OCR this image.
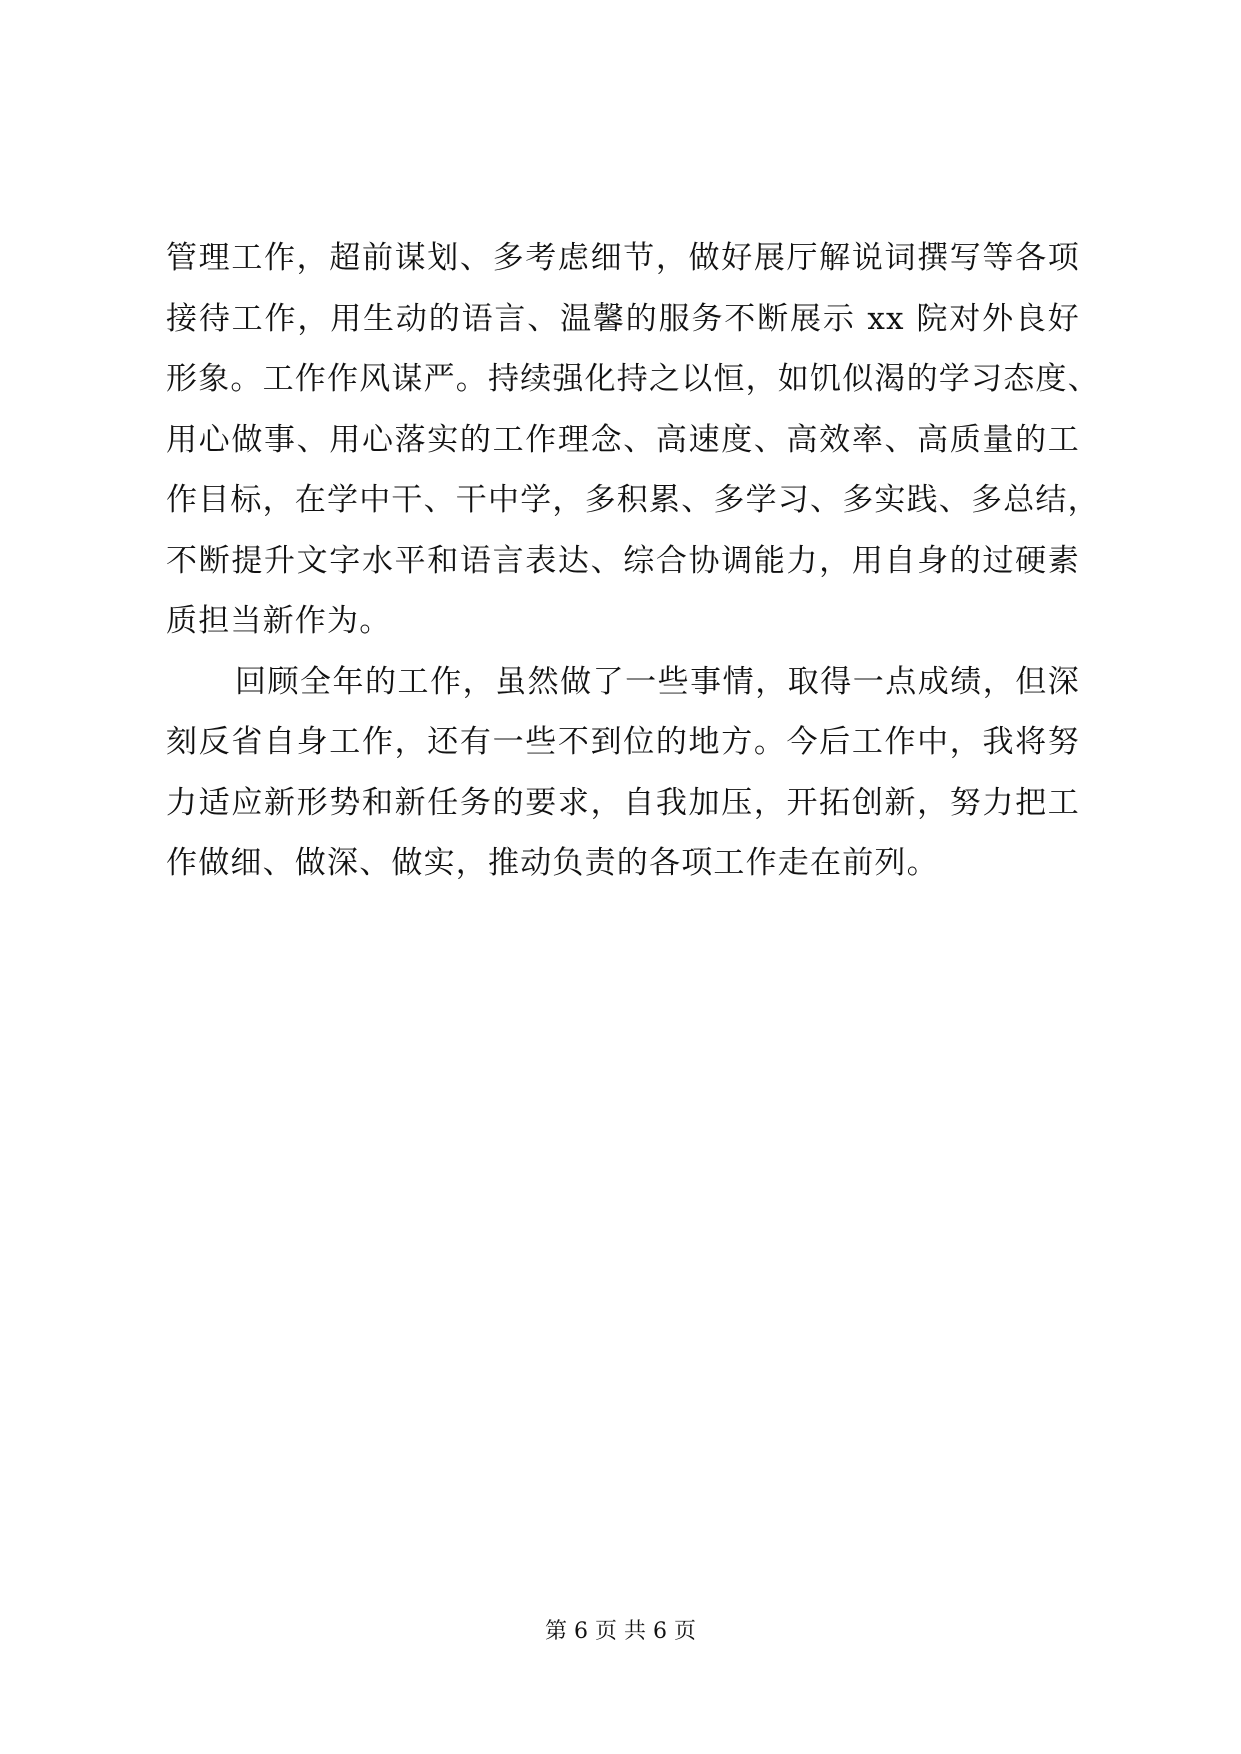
管理工作，超前谋划、多考虑细节，做好展厅解说词撰写等各项
接待工作，用生动的语言、温馨的服务不断展示 xx 院对外良好
形象。工作作风谋严。持续强化持之以恒，如饥似渴的学习态度、
用心做事、用心落实的工作理念、高速度、高效率、高质量的工
作目标，在学中干、干中学，多积累、多学习、多实践、多总结，
不断提升文字水平和语言表达、综合协调能力，用自身的过硬素
质担当新作为。
回顾全年的工作，虽然做了一些事情，取得一点成绩，但深
刻反省自身工作，还有一些不到位的地方。今后工作中，我将努
力适应新形势和新任务的要求，自我加压，开拓创新，努力把工
作做细、做深、做实，推动负责的各项工作走在前列。
第 6 页 共 6 页
